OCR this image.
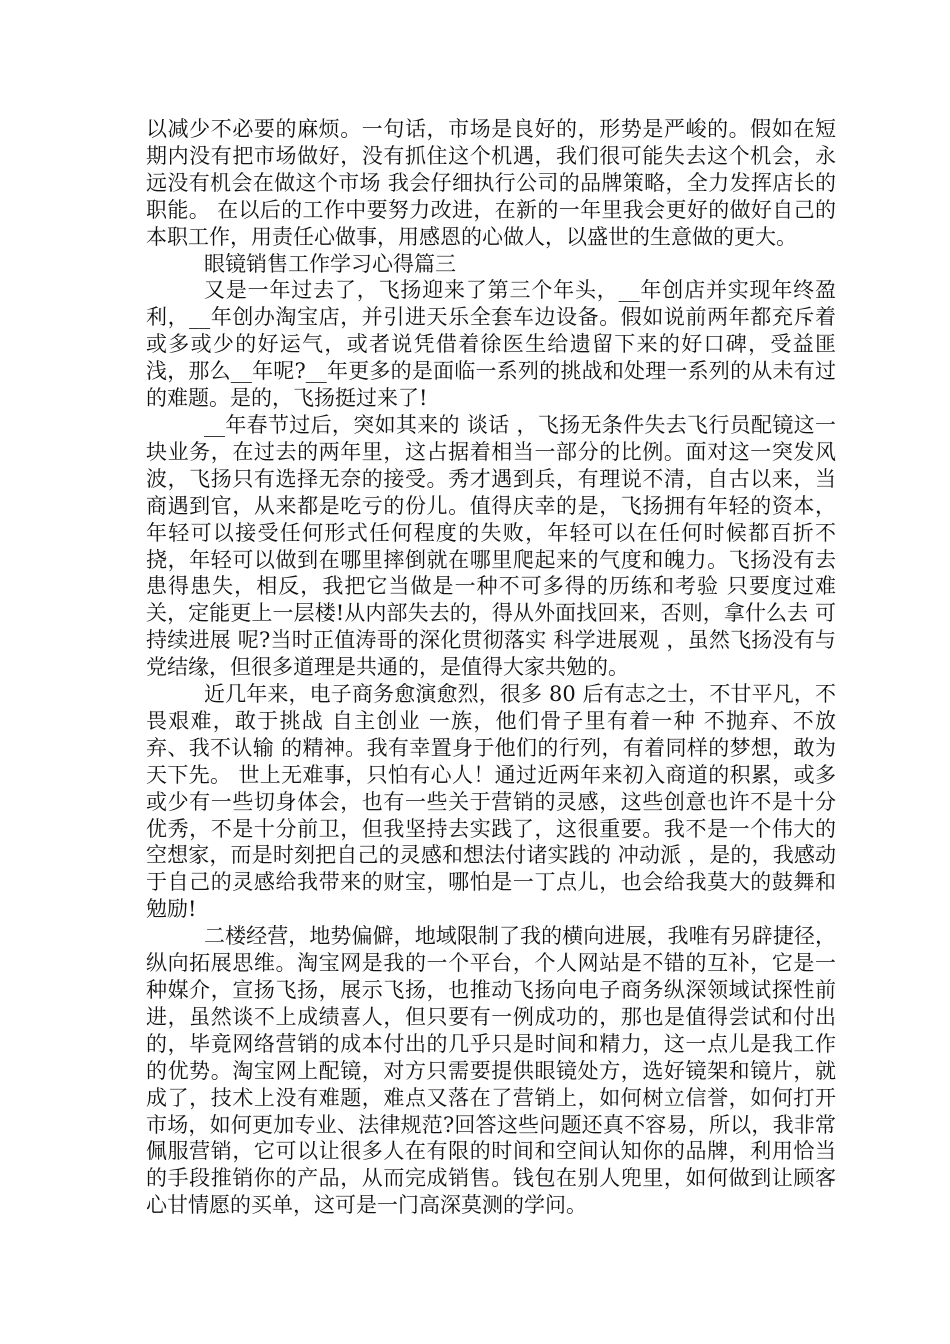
以减少不必要的麻烦。一句话，市场是良好的，形势是严峻的。假如在短期内没有把市场做好，没有抓住这个机遇，我们很可能失去这个机会，永远没有机会在做这个市场 我会仔细执行公司的品牌策略，全力发挥店长的职能。 在以后的工作中要努力改进，在新的一年里我会更好的做好自己的本职工作，用责任心做事，用感恩的心做人，以盛世的生意做的更大。

眼镜销售工作学习心得篇三

又是一年过去了，飞扬迎来了第三个年头，__年创店并实现年终盈利，__年创办淘宝店，并引进天乐全套车边设备。假如说前两年都充斥着或多或少的好运气，或者说凭借着徐医生给遗留下来的好口碑，受益匪浅，那么__年呢?__年更多的是面临一系列的挑战和处理一系列的从未有过的难题。是的，飞扬挺过来了!

__年春节过后，突如其来的 谈话 ，飞扬无条件失去飞行员配镜这一块业务，在过去的两年里，这占据着相当一部分的比例。面对这一突发风波，飞扬只有选择无奈的接受。秀才遇到兵，有理说不清，自古以来，当商遇到官，从来都是吃亏的份儿。值得庆幸的是，飞扬拥有年轻的资本，年轻可以接受任何形式任何程度的失败，年轻可以在任何时候都百折不挠，年轻可以做到在哪里摔倒就在哪里爬起来的气度和魄力。飞扬没有去患得患失，相反，我把它当做是一种不可多得的历练和考验 只要度过难关，定能更上一层楼!从内部失去的，得从外面找回来，否则，拿什么去 可持续进展 呢?当时正值涛哥的深化贯彻落实 科学进展观 ，虽然飞扬没有与党结缘，但很多道理是共通的，是值得大家共勉的。

近几年来，电子商务愈演愈烈，很多 80 后有志之士，不甘平凡，不畏艰难，敢于挑战 自主创业 一族，他们骨子里有着一种 不抛弃、不放弃、我不认输 的精神。我有幸置身于他们的行列，有着同样的梦想，敢为天下先。 世上无难事，只怕有心人！通过近两年来初入商道的积累，或多或少有一些切身体会，也有一些关于营销的灵感，这些创意也许不是十分优秀，不是十分前卫，但我坚持去实践了，这很重要。我不是一个伟大的空想家，而是时刻把自己的灵感和想法付诸实践的 冲动派 ，是的，我感动于自己的灵感给我带来的财宝，哪怕是一丁点儿，也会给我莫大的鼓舞和勉励!

二楼经营，地势偏僻，地域限制了我的横向进展，我唯有另辟捷径，纵向拓展思维。淘宝网是我的一个平台，个人网站是不错的互补，它是一种媒介，宣扬飞扬，展示飞扬，也推动飞扬向电子商务纵深领域试探性前进，虽然谈不上成绩喜人，但只要有一例成功的，那也是值得尝试和付出的，毕竟网络营销的成本付出的几乎只是时间和精力，这一点儿是我工作的优势。淘宝网上配镜，对方只需要提供眼镜处方，选好镜架和镜片，就成了，技术上没有难题，难点又落在了营销上，如何树立信誉，如何打开市场，如何更加专业、法律规范?回答这些问题还真不容易，所以，我非常佩服营销，它可以让很多人在有限的时间和空间认知你的品牌，利用恰当的手段推销你的产品，从而完成销售。钱包在别人兜里，如何做到让顾客心甘情愿的买单，这可是一门高深莫测的学问。
